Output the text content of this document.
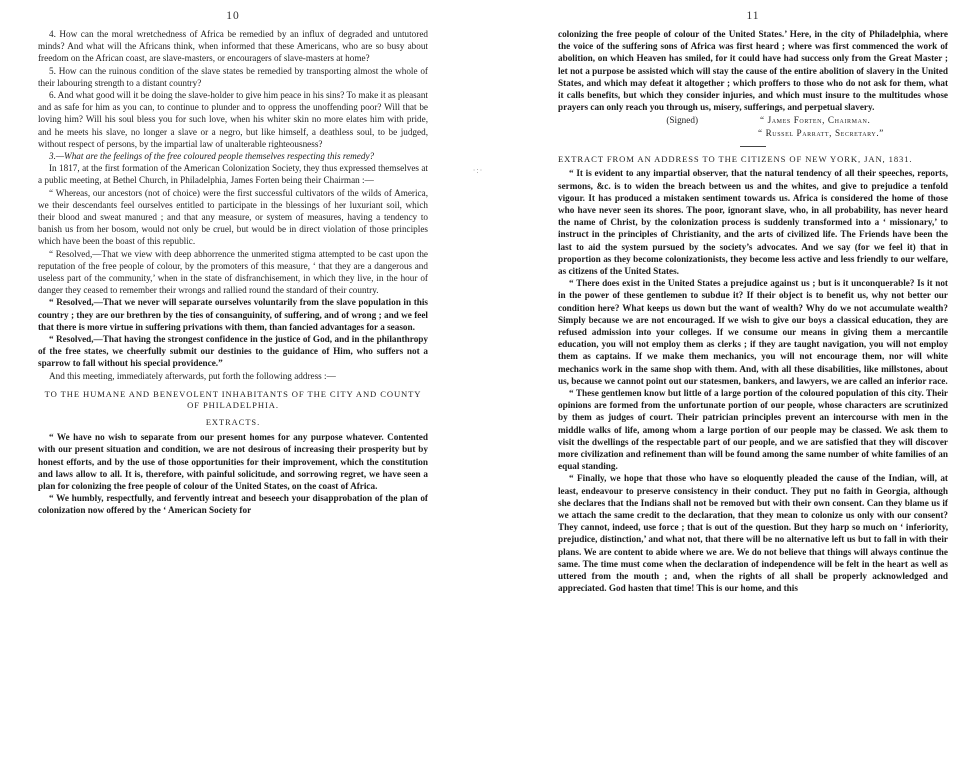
10

4. How can the moral wretchedness of Africa be remedied by an influx of degraded and untutored minds? And what will the Africans think, when informed that these Americans, who are so busy about freedom on the African coast, are slave-masters, or encouragers of slave-masters at home?

5. How can the ruinous condition of the slave states be remedied by transporting almost the whole of their labouring strength to a distant country?

6. And what good will it be doing the slave-holder to give him peace in his sins? To make it as pleasant and as safe for him as you can, to continue to plunder and to oppress the unoffending poor? Will that be loving him? Will his soul bless you for such love, when his whiter skin no more elates him with pride, and he meets his slave, no longer a slave or a negro, but like himself, a deathless soul, to be judged, without respect of persons, by the impartial law of unalterable righteousness?

3.—What are the feelings of the free coloured people themselves respecting this remedy?

In 1817, at the first formation of the American Colonization Society, they thus expressed themselves at a public meeting, at Bethel Church, in Philadelphia, James Forten being their Chairman :—

“ Whereas, our ancestors (not of choice) were the first successful cultivators of the wilds of America, we their descendants feel ourselves entitled to participate in the blessings of her luxuriant soil, which their blood and sweat manured ; and that any measure, or system of measures, having a tendency to banish us from her bosom, would not only be cruel, but would be in direct violation of those principles which have been the boast of this republic.

“ Resolved,—That we view with deep abhorrence the unmerited stigma attempted to be cast upon the reputation of the free people of colour, by the promoters of this measure, ‘ that they are a dangerous and useless part of the community,’ when in the state of disfranchisement, in which they live, in the hour of danger they ceased to remember their wrongs and rallied round the standard of their country.

“ Resolved,—That we never will separate ourselves voluntarily from the slave population in this country ; they are our brethren by the ties of consanguinity, of suffering, and of wrong ; and we feel that there is more virtue in suffering privations with them, than fancied advantages for a season.

“ Resolved,—That having the strongest confidence in the justice of God, and in the philanthropy of the free states, we cheerfully submit our destinies to the guidance of Him, who suffers not a sparrow to fall without his special providence.”

And this meeting, immediately afterwards, put forth the following address :—

TO THE HUMANE AND BENEVOLENT INHABITANTS OF THE CITY AND COUNTY OF PHILADELPHIA.
EXTRACTS.

“ We have no wish to separate from our present homes for any purpose whatever. Contented with our present situation and condition, we are not desirous of increasing their prosperity but by honest efforts, and by the use of those opportunities for their improvement, which the constitution and laws allow to all. It is, therefore, with painful solicitude, and sorrowing regret, we have seen a plan for colonizing the free people of colour of the United States, on the coast of Africa.

“ We humbly, respectfully, and fervently intreat and beseech your disapprobation of the plan of colonization now offered by the ‘ American Society for

·:·
11

colonizing the free people of colour of the United States.’ Here, in the city of Philadelphia, where the voice of the suffering sons of Africa was first heard ; where was first commenced the work of abolition, on which Heaven has smiled, for it could have had success only from the Great Master ; let not a purpose be assisted which will stay the cause of the entire abolition of slavery in the United States, and which may defeat it altogether ; which proffers to those who do not ask for them, what it calls benefits, but which they consider injuries, and which must insure to the multitudes whose prayers can only reach you through us, misery, sufferings, and perpetual slavery.

(Signed)	“ James Forten, Chairman.
“ Russel Parratt, Secretary.”
EXTRACT FROM AN ADDRESS TO THE CITIZENS OF NEW YORK, JAN, 1831.

“ It is evident to any impartial observer, that the natural tendency of all their speeches, reports, sermons, &c. is to widen the breach between us and the whites, and give to prejudice a tenfold vigour. It has produced a mistaken sentiment towards us. Africa is considered the home of those who have never seen its shores. The poor, ignorant slave, who, in all probability, has never heard the name of Christ, by the colonization process is suddenly transformed into a ‘ missionary,’ to instruct in the principles of Christianity, and the arts of civilized life. The Friends have been the last to aid the system pursued by the society’s advocates. And we say (for we feel it) that in proportion as they become colonizationists, they become less active and less friendly to our welfare, as citizens of the United States.

“ There does exist in the United States a prejudice against us ; but is it unconquerable? Is it not in the power of these gentlemen to subdue it? If their object is to benefit us, why not better our condition here? What keeps us down but the want of wealth? Why do we not accumulate wealth? Simply because we are not encouraged. If we wish to give our boys a classical education, they are refused admission into your colleges. If we consume our means in giving them a mercantile education, you will not employ them as clerks ; if they are taught navigation, you will not employ them as captains. If we make them mechanics, you will not encourage them, nor will white mechanics work in the same shop with them. And, with all these disabilities, like millstones, about us, because we cannot point out our statesmen, bankers, and lawyers, we are called an inferior race.

“ These gentlemen know but little of a large portion of the coloured population of this city. Their opinions are formed from the unfortunate portion of our people, whose characters are scrutinized by them as judges of court. Their patrician principles prevent an intercourse with men in the middle walks of life, among whom a large portion of our people may be classed. We ask them to visit the dwellings of the respectable part of our people, and we are satisfied that they will discover more civilization and refinement than will be found among the same number of white families of an equal standing.

“ Finally, we hope that those who have so eloquently pleaded the cause of the Indian, will, at least, endeavour to preserve consistency in their conduct. They put no faith in Georgia, although she declares that the Indians shall not be removed but with their own consent. Can they blame us if we attach the same credit to the declaration, that they mean to colonize us only with our consent? They cannot, indeed, use force ; that is out of the question. But they harp so much on ‘ inferiority, prejudice, distinction,’ and what not, that there will be no alternative left us but to fall in with their plans. We are content to abide where we are. We do not believe that things will always continue the same. The time must come when the declaration of independence will be felt in the heart as well as uttered from the mouth ; and, when the rights of all shall be properly acknowledged and appreciated. God hasten that time! This is our home, and this
